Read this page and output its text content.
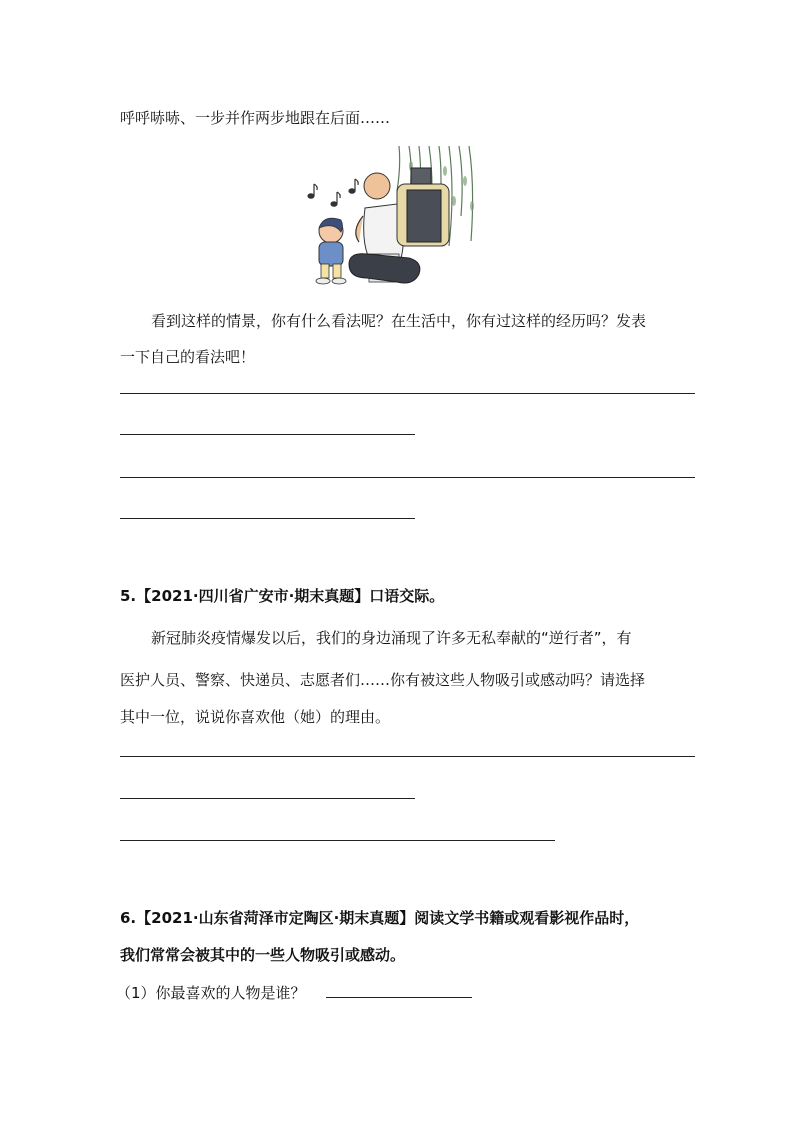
呼呼哧哧、一步并作两步地跟在后面……
看到这样的情景，你有什么看法呢？在生活中，你有过这样的经历吗？发表
一下自己的看法吧！
5.【2021·四川省广安市·期末真题】口语交际。
新冠肺炎疫情爆发以后，我们的身边涌现了许多无私奉献的“逆行者”，有
医护人员、警察、快递员、志愿者们……你有被这些人物吸引或感动吗？请选择
其中一位，说说你喜欢他（她）的理由。
6.【2021·山东省菏泽市定陶区·期末真题】阅读文学书籍或观看影视作品时，
我们常常会被其中的一些人物吸引或感动。
（1）你最喜欢的人物是谁？
